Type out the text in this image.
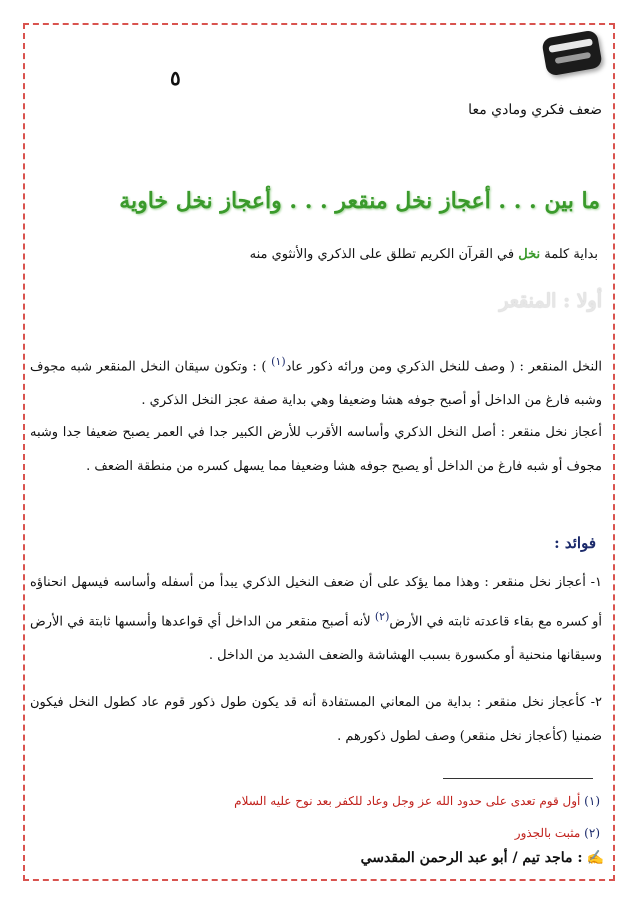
٥
ضعف فكري ومادي معا
ما بين . . . أعجاز نخل منقعر . . . وأعجاز نخل خاوية
بداية كلمة نخل في القرآن الكريم تطلق على الذكري والأنثوي منه
أولا : المنقعر
النخل المنقعر : ( وصف للنخل الذكري ومن ورائه ذكور عاد$^{(١)}$ ) : وتكون سيقان النخل المنقعر شبه مجوف وشبه فارغ من الداخل أو أصبح جوفه هشا وضعيفا وهي بداية صفة عجز النخل الذكري .
أعجاز نخل منقعر : أصل النخل الذكري وأساسه الأقرب للأرض الكبير جدا في العمر يصبح ضعيفا جدا وشبه مجوف أو شبه فارغ من الداخل أو يصبح جوفه هشا وضعيفا مما يسهل كسره من منطقة الضعف .
فوائد :
١- أعجاز نخل منقعر : وهذا مما يؤكد على أن ضعف النخيل الذكري يبدأ من أسفله وأساسه فيسهل انحناؤه أو كسره مع بقاء قاعدته ثابته في الأرض$^{(٢)}$ لأنه أصبح منقعر من الداخل أي قواعدها وأسسها ثابتة في الأرض وسيقانها منحنية أو مكسورة بسبب الهشاشة والضعف الشديد من الداخل .
٢- كأعجاز نخل منقعر : بداية من المعاني المستفادة أنه قد يكون طول ذكور قوم عاد كطول النخل فيكون ضمنيا (كأعجاز نخل منقعر) وصف لطول ذكورهم .
(١) أول قوم تعدى على حدود الله عز وجل وعاد للكفر بعد نوح عليه السلام
(٢) مثبت بالجذور
✍: ماجد تيم / أبو عبد الرحمن المقدسي
